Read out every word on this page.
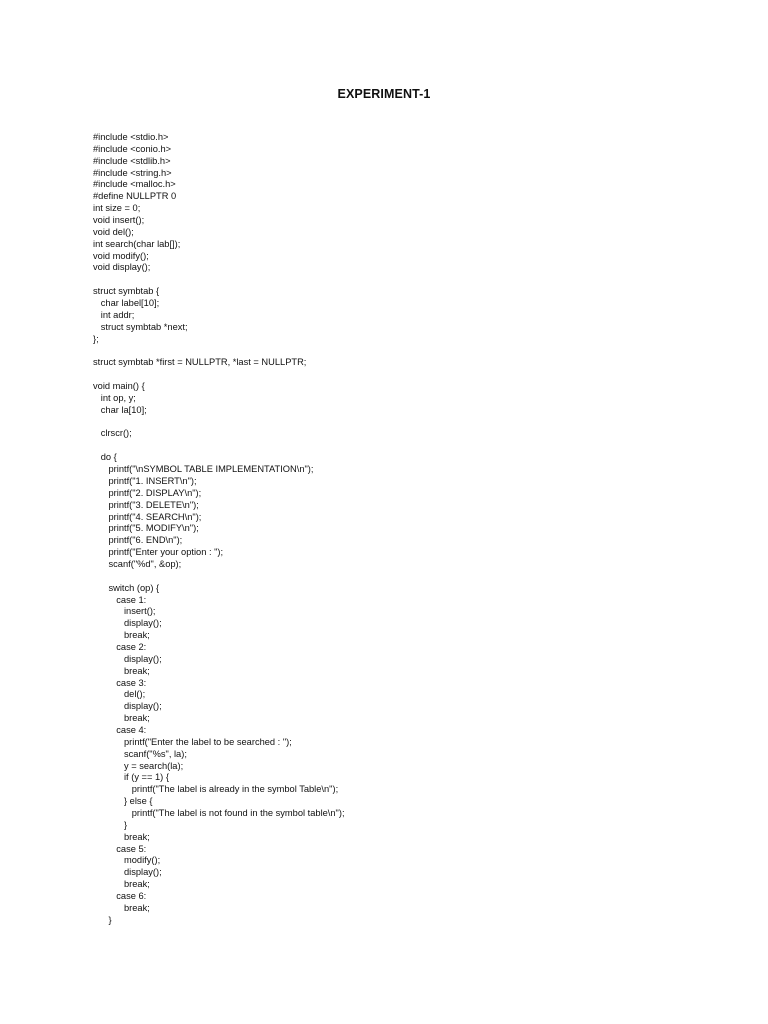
EXPERIMENT-1
#include <stdio.h>
#include <conio.h>
#include <stdlib.h>
#include <string.h>
#include <malloc.h>
#define NULLPTR 0
int size = 0;
void insert();
void del();
int search(char lab[]);
void modify();
void display();
struct symbtab {
char label[10];
int addr;
struct symbtab *next;
};
struct symbtab *first = NULLPTR, *last = NULLPTR;
void main() {
int op, y;
char la[10];
clrscr();
do {
printf("\nSYMBOL TABLE IMPLEMENTATION\n");
printf("1. INSERT\n");
printf("2. DISPLAY\n");
printf("3. DELETE\n");
printf("4. SEARCH\n");
printf("5. MODIFY\n");
printf("6. END\n");
printf("Enter your option : ");
scanf("%d", &op);
switch (op) {
case 1:
insert();
display();
break;
case 2:
display();
break;
case 3:
del();
display();
break;
case 4:
printf("Enter the label to be searched : ");
scanf("%s", la);
y = search(la);
if (y == 1) {
printf("The label is already in the symbol Table\n");
} else {
printf("The label is not found in the symbol table\n");
}
break;
case 5:
modify();
display();
break;
case 6:
break;
}
